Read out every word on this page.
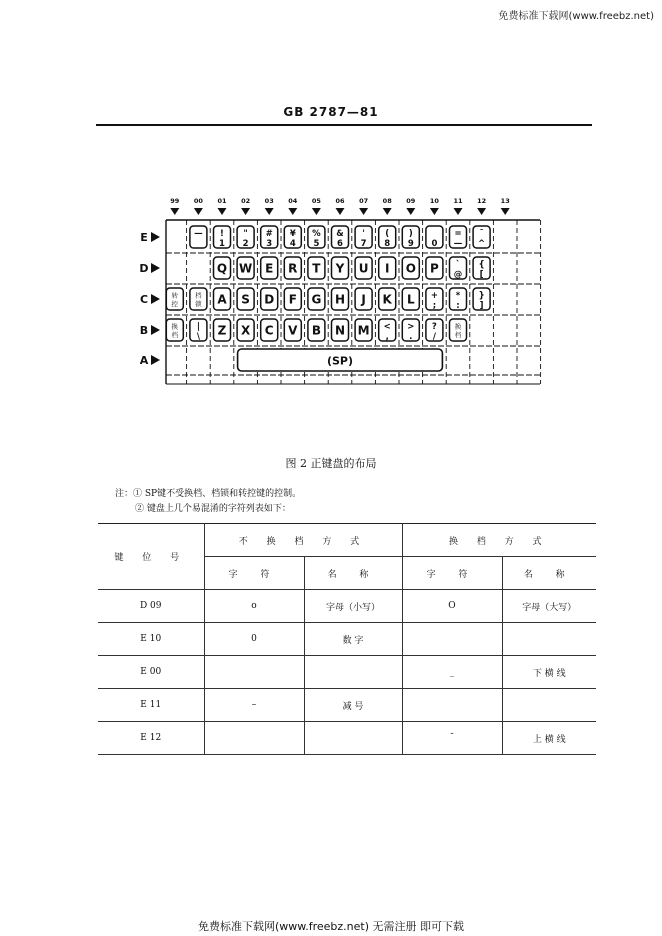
免费标准下载网(www.freebz.net)
GB 2787—81
99 00 01 02 03 04 05 06 07 08 09 10 11 12 13
E
D
C
B
A
— !
1
"
2
#
3
¥
4
%
5
&
6
'
7
(
8
)
9 0
=
—
¯
^
Q W E R T Y U I O P `
@
{
[
转
控
档
锁 A S D F G H J K L +
;
*
:
}
]
换
档
|
\ Z X C V B N M <
,
>
.
?
/
换
档
(SP)
图 2 正键盘的布局
注：① SP键不受换档、档锁和转控键的控制。
② 键盘上几个易混淆的字符列表如下：
键 位 号	不 换 档 方 式		换 档 方 式	
	字 符	名 称	字 符	名 称
D 09	o	字母（小写）	O	字母（大写）
E 10	0	数 字		
E 00			_	下 横 线
E 11	–	减 号		
E 12			¯	上 横 线
免费标准下载网(www.freebz.net) 无需注册 即可下载
